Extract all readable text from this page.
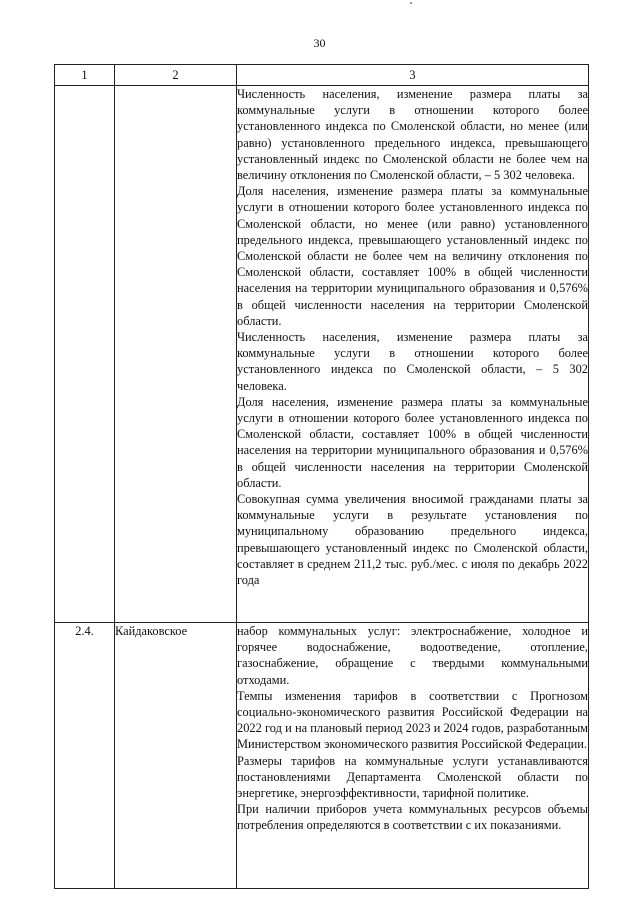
30
1	2	3

		Численность населения, изменение размера платы за коммунальные услуги в отношении которого более установленного индекса по Смоленской области, но менее (или равно) установленного предельного индекса, превышающего установленный индекс по Смоленской области не более чем на величину отклонения по Смоленской области, – 5 302 человека.

Доля населения, изменение размера платы за коммунальные услуги в отношении которого более установленного индекса по Смоленской области, но менее (или равно) установленного предельного индекса, превышающего установленный индекс по Смоленской области не более чем на величину отклонения по Смоленской области, составляет 100% в общей численности населения на территории муниципального образования и 0,576% в общей численности населения на территории Смоленской области.

Численность населения, изменение размера платы за коммунальные услуги в отношении которого более установленного индекса по Смоленской области, – 5 302 человека.

Доля населения, изменение размера платы за коммунальные услуги в отношении которого более установленного индекса по Смоленской области, составляет 100% в общей численности населения на территории муниципального образования и 0,576% в общей численности населения на территории Смоленской области.

Совокупная сумма увеличения вносимой гражданами платы за коммунальные услуги в результате установления по муниципальному образованию предельного индекса, превышающего установленный индекс по Смоленской области, составляет в среднем 211,2 тыс. руб./мес. с июля по декабрь 2022 года

2.4.	Кайдаковское	набор коммунальных услуг: электроснабжение, холодное и горячее водоснабжение, водоотведение, отопление, газоснабжение, обращение с твердыми коммунальными отходами.

Темпы изменения тарифов в соответствии с Прогнозом социально-экономического развития Российской Федерации на 2022 год и на плановый период 2023 и 2024 годов, разработанным Министерством экономического развития Российской Федерации.

Размеры тарифов на коммунальные услуги устанавливаются постановлениями Департамента Смоленской области по энергетике, энергоэффективности, тарифной политике.

При наличии приборов учета коммунальных ресурсов объемы потребления определяются в соответствии с их показаниями.
